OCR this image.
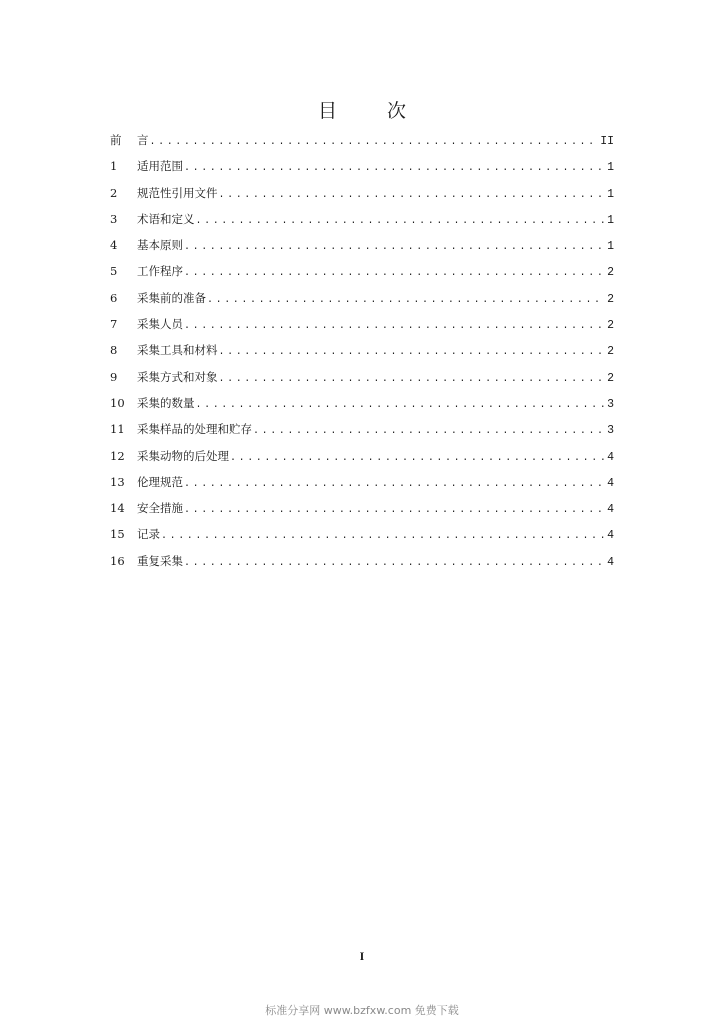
目 次
前	言 .....	II
1	适用范围 .....	1
2	规范性引用文件 .....	1
3	术语和定义 .....	1
4	基本原则 .....	1
5	工作程序 .....	2
6	采集前的准备 .....	2
7	采集人员 .....	2
8	采集工具和材料 .....	2
9	采集方式和对象 .....	2
10	采集的数量 .....	3
11	采集样品的处理和贮存 .....	3
12	采集动物的后处理 .....	4
13	伦理规范 .....	4
14	安全措施 .....	4
15	记录 .....	4
16	重复采集 .....	4
I
标准分享网 www.bzfxw.com 免费下载
